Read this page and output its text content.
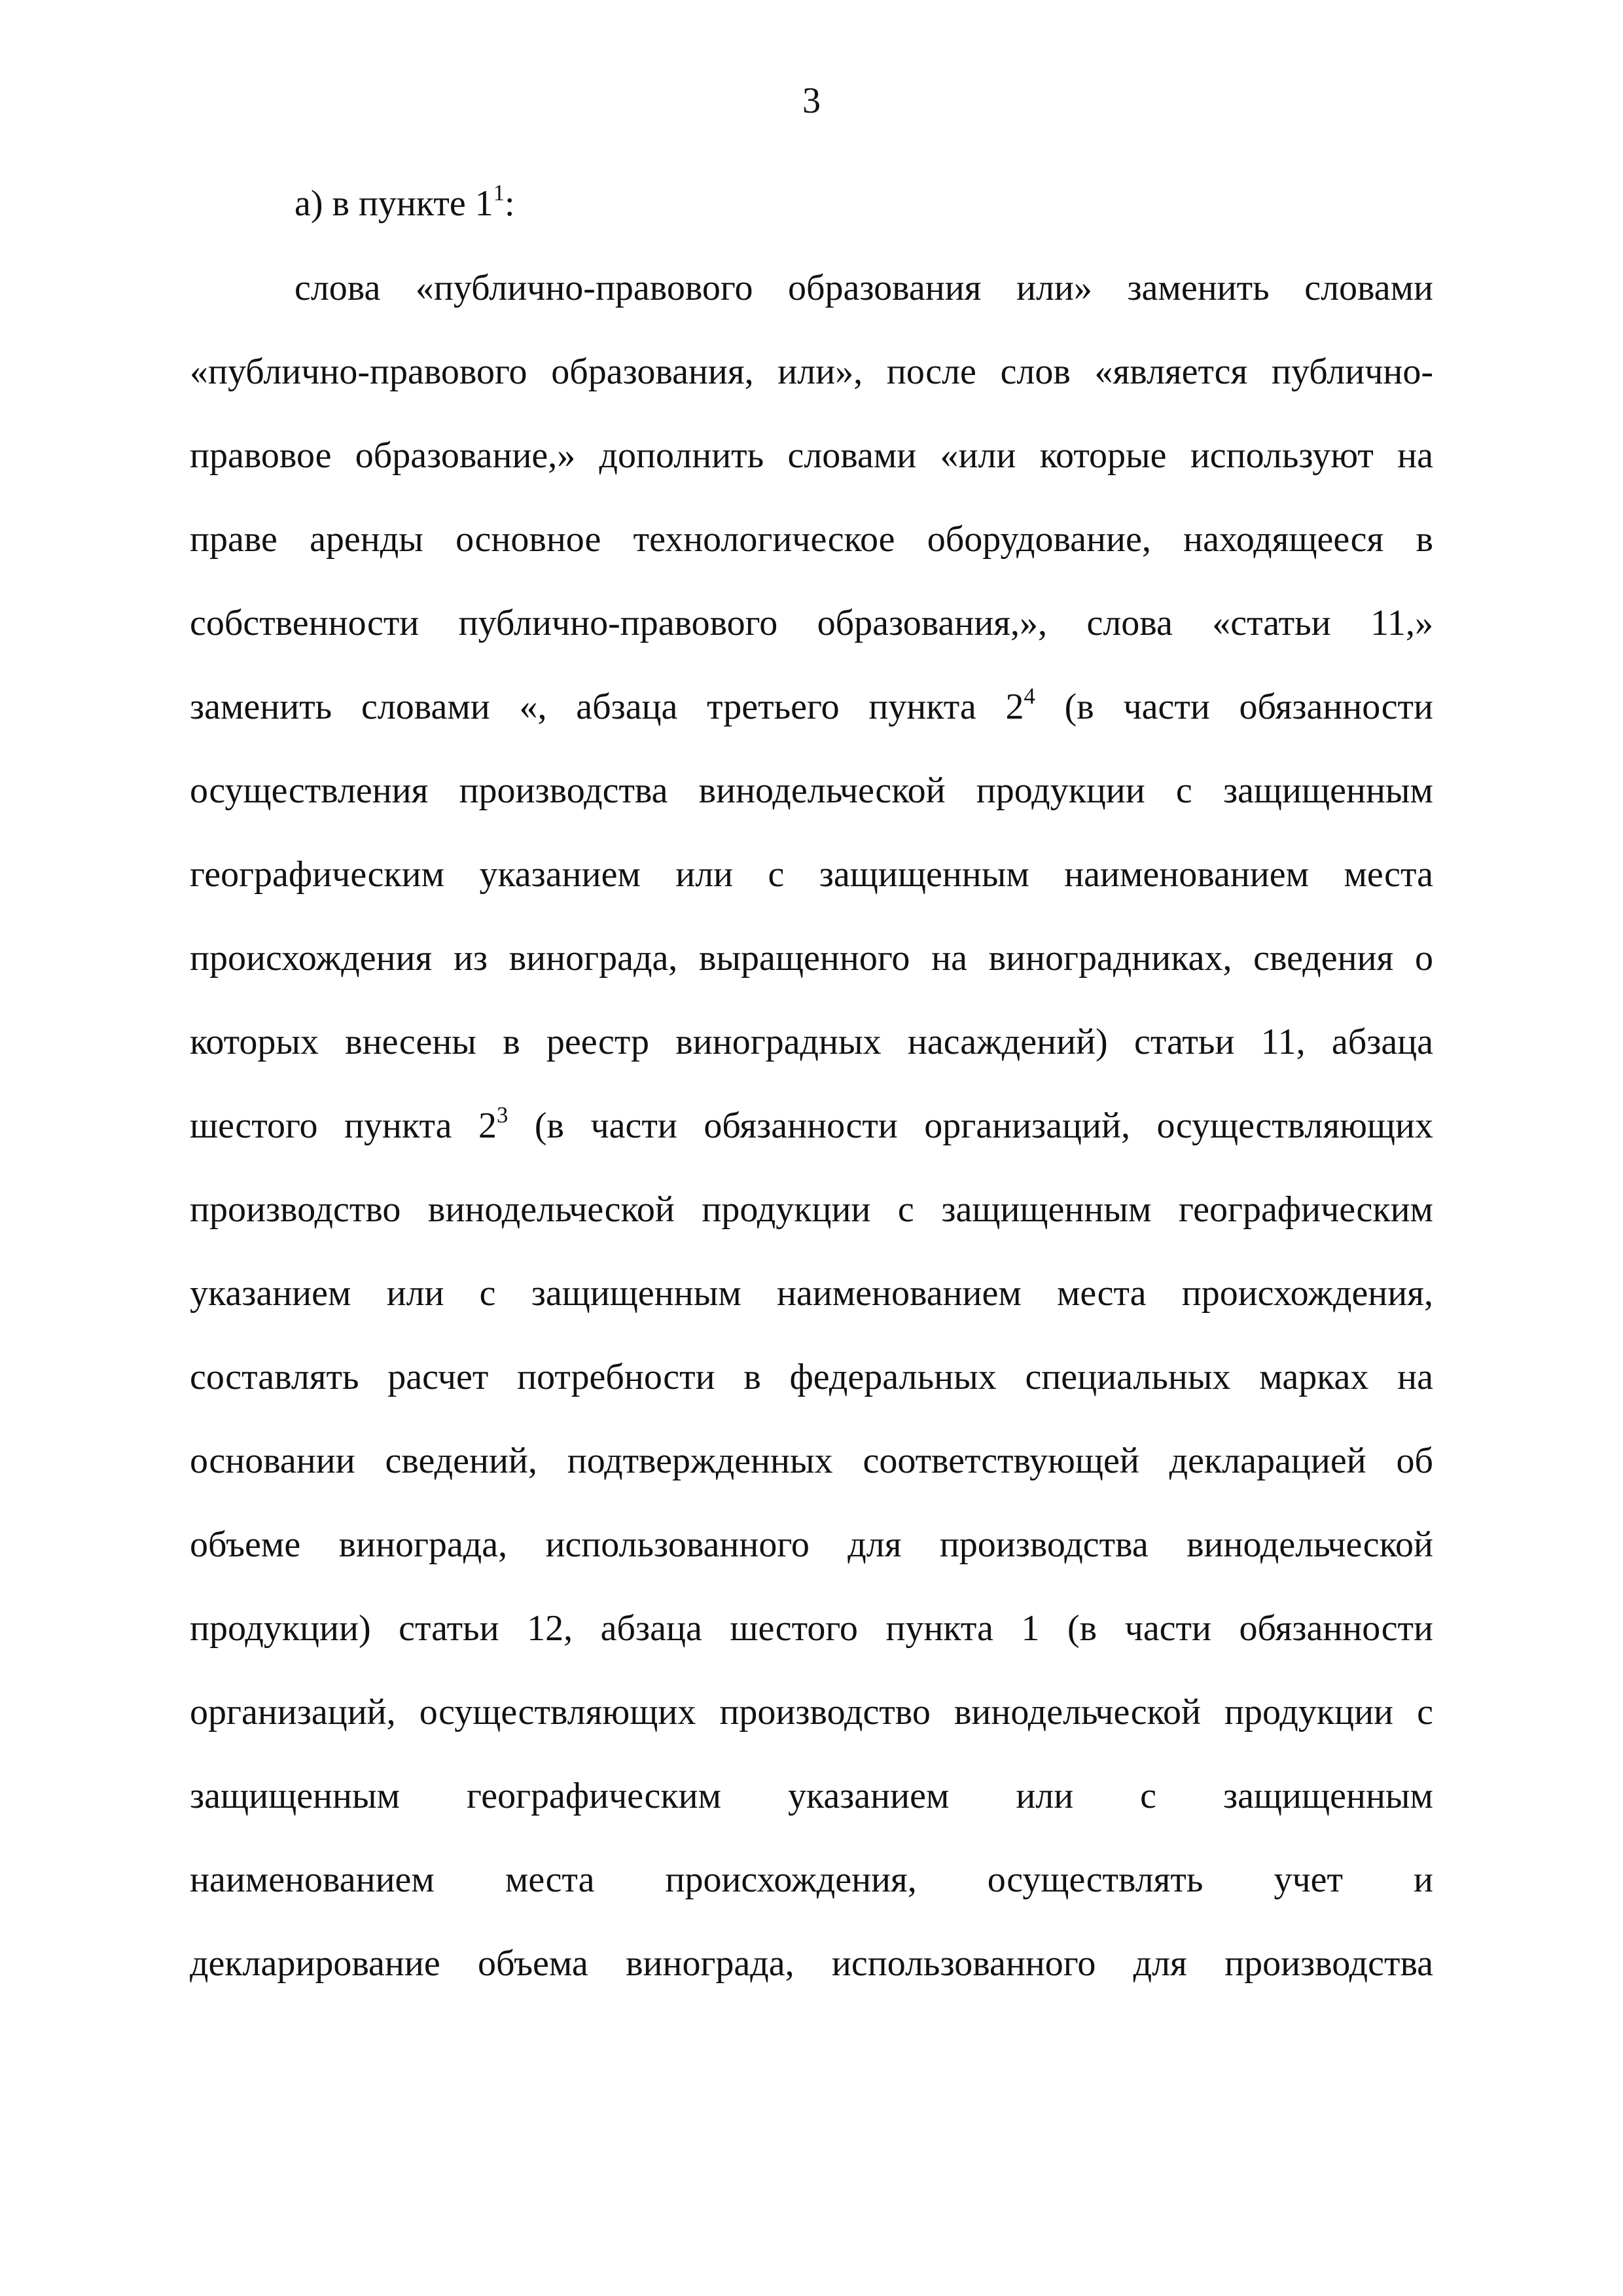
3
а) в пункте $1^1$:
слова «публично-правового образования или» заменить словами
«публично-правового образования, или», после слов «является публично-
правовое образование,» дополнить словами «или которые используют на
праве аренды основное технологическое оборудование, находящееся в
собственности публично-правового образования,», слова «статьи 11,»
заменить словами «, абзаца третьего пункта $2^4$ (в части обязанности
осуществления производства винодельческой продукции с защищенным
географическим указанием или с защищенным наименованием места
происхождения из винограда, выращенного на виноградниках, сведения о
которых внесены в реестр виноградных насаждений) статьи 11, абзаца
шестого пункта $2^3$ (в части обязанности организаций, осуществляющих
производство винодельческой продукции с защищенным географическим
указанием или с защищенным наименованием места происхождения,
составлять расчет потребности в федеральных специальных марках на
основании сведений, подтвержденных соответствующей декларацией об
объеме винограда, использованного для производства винодельческой
продукции) статьи 12, абзаца шестого пункта 1 (в части обязанности
организаций, осуществляющих производство винодельческой продукции с
защищенным географическим указанием или с защищенным
наименованием места происхождения, осуществлять учет и
декларирование объема винограда, использованного для производства
